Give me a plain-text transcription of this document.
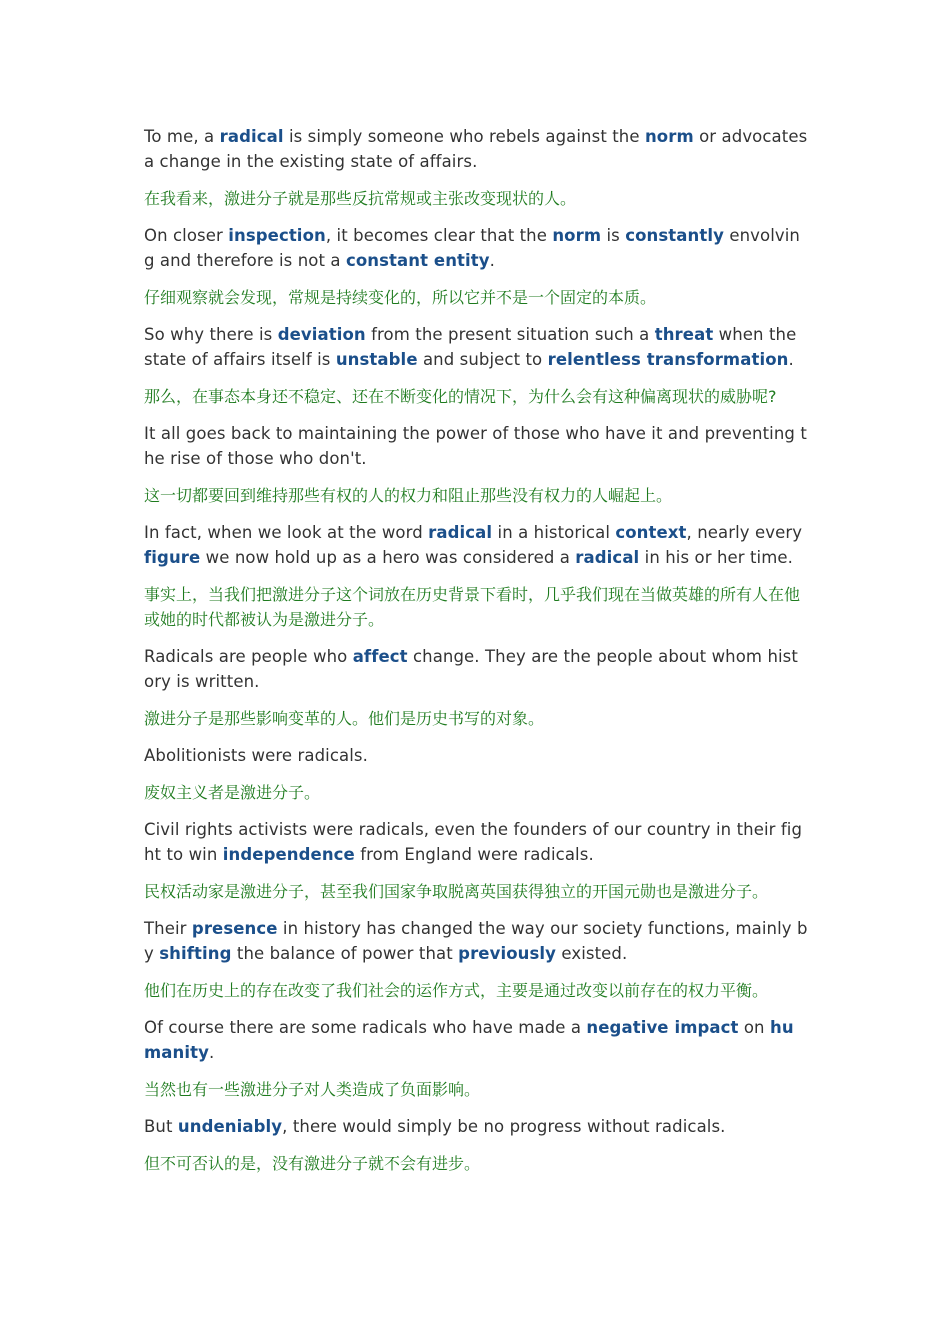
To me, a radical is simply someone who rebels against the norm or advocates a change in the existing state of affairs.

在我看来，激进分子就是那些反抗常规或主张改变现状的人。

On closer inspection, it becomes clear that the norm is constantly envolving and therefore is not a constant entity.

仔细观察就会发现，常规是持续变化的，所以它并不是一个固定的本质。

So why there is deviation from the present situation such a threat when the state of affairs itself is unstable and subject to relentless transformation.

那么，在事态本身还不稳定、还在不断变化的情况下，为什么会有这种偏离现状的威胁呢?

It all goes back to maintaining the power of those who have it and preventing the rise of those who don't.

这一切都要回到维持那些有权的人的权力和阻止那些没有权力的人崛起上。

In fact, when we look at the word radical in a historical context, nearly every figure we now hold up as a hero was considered a radical in his or her time.

事实上，当我们把激进分子这个词放在历史背景下看时，几乎我们现在当做英雄的所有人在他或她的时代都被认为是激进分子。

Radicals are people who affect change. They are the people about whom history is written.

激进分子是那些影响变革的人。他们是历史书写的对象。

Abolitionists were radicals.

废奴主义者是激进分子。

Civil rights activists were radicals, even the founders of our country in their fight to win independence from England were radicals.

民权活动家是激进分子，甚至我们国家争取脱离英国获得独立的开国元勋也是激进分子。

Their presence in history has changed the way our society functions, mainly by shifting the balance of power that previously existed.

他们在历史上的存在改变了我们社会的运作方式，主要是通过改变以前存在的权力平衡。

Of course there are some radicals who have made a negative impact on humanity.

当然也有一些激进分子对人类造成了负面影响。

But undeniably, there would simply be no progress without radicals.

但不可否认的是，没有激进分子就不会有进步。
